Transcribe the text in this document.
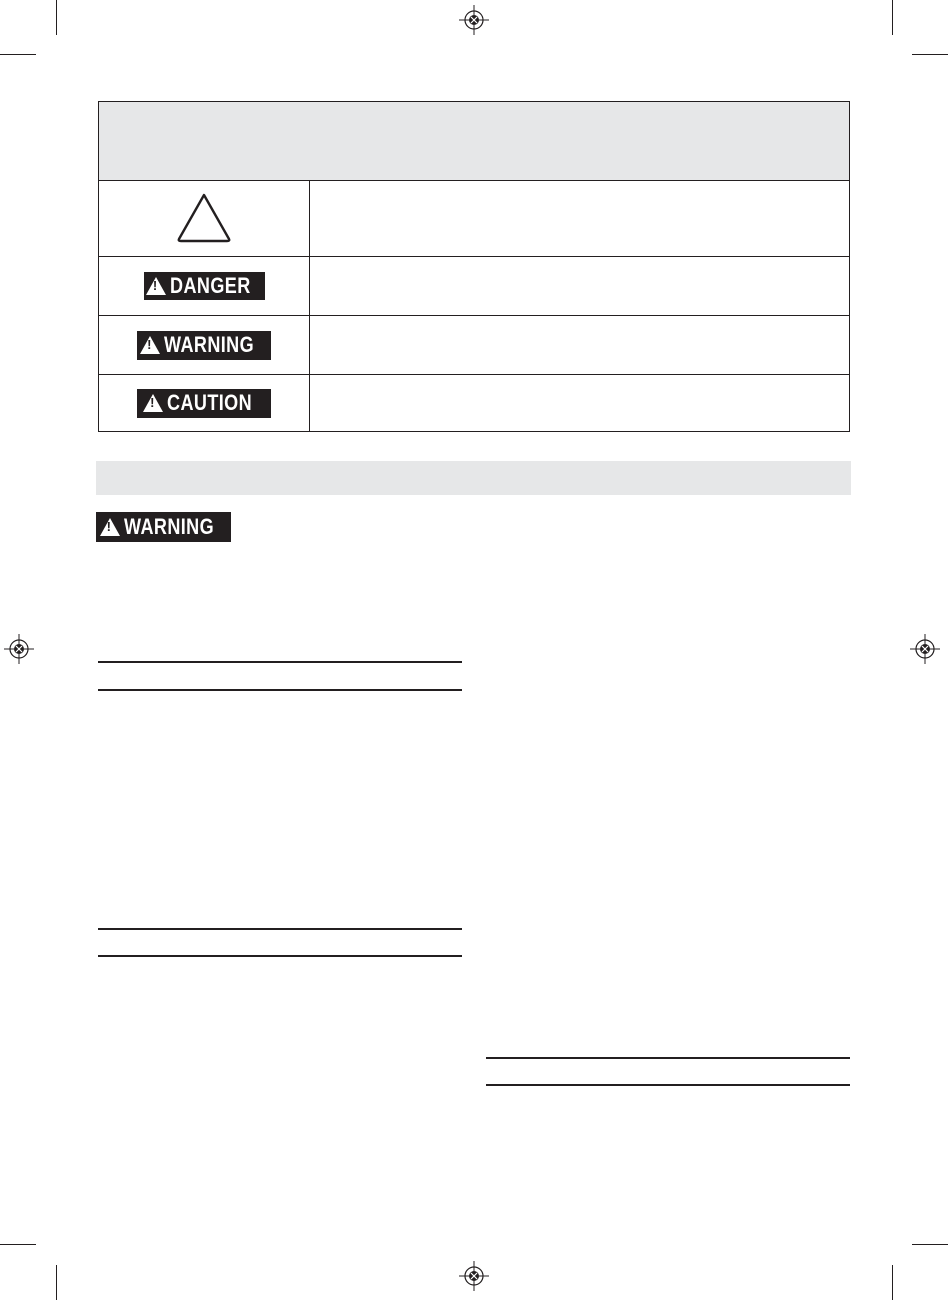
!
DANGER
!
WARNING
!
CAUTION
!
WARNING
